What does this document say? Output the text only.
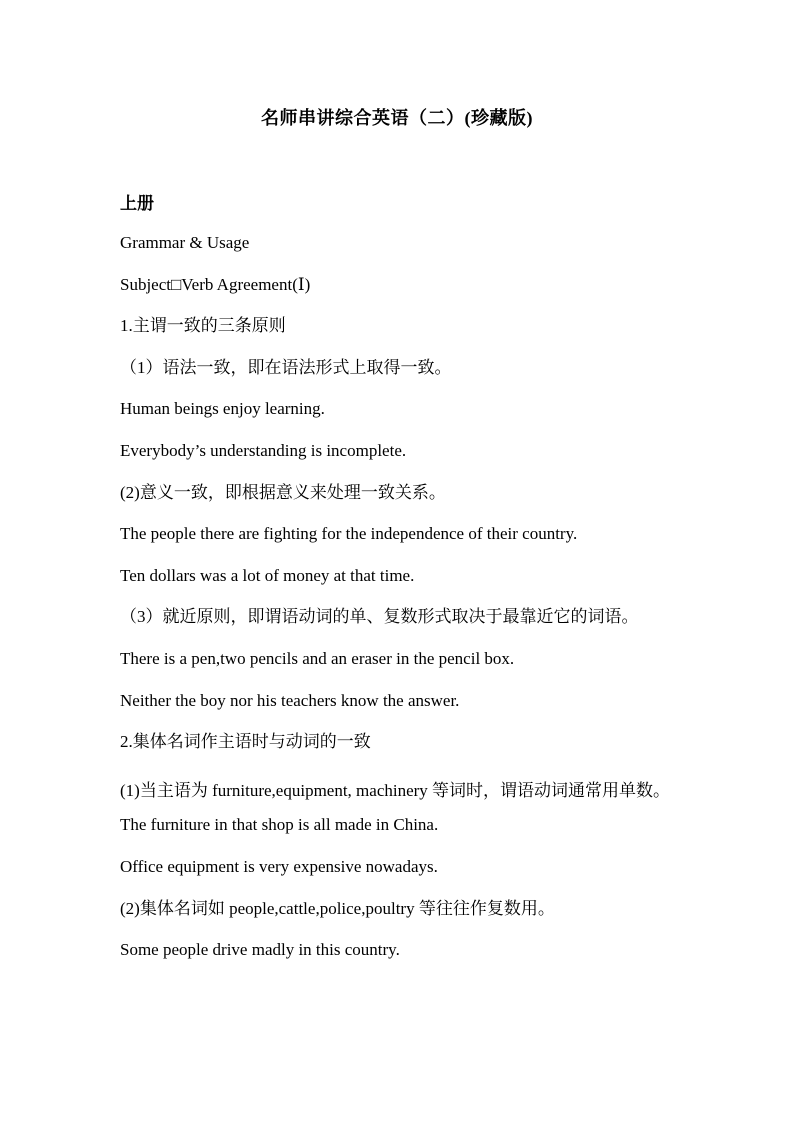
名师串讲综合英语（二）(珍藏版)
上册
Grammar & Usage
Subject□Verb Agreement(Ⅰ)
1.主谓一致的三条原则
（1）语法一致，即在语法形式上取得一致。
Human beings enjoy learning.
Everybody’s understanding is incomplete.
(2)意义一致，即根据意义来处理一致关系。
The people there are fighting for the independence of their country.
Ten dollars was a lot of money at that time.
（3）就近原则，即谓语动词的单、复数形式取决于最靠近它的词语。
There is a pen,two pencils and an eraser in the pencil box.
Neither the boy nor his teachers know the answer.
2.集体名词作主语时与动词的一致
(1)当主语为 furniture,equipment, machinery 等词时，谓语动词通常用单数。
The furniture in that shop is all made in China.
Office equipment is very expensive nowadays.
(2)集体名词如 people,cattle,police,poultry 等往往作复数用。
Some people drive madly in this country.
